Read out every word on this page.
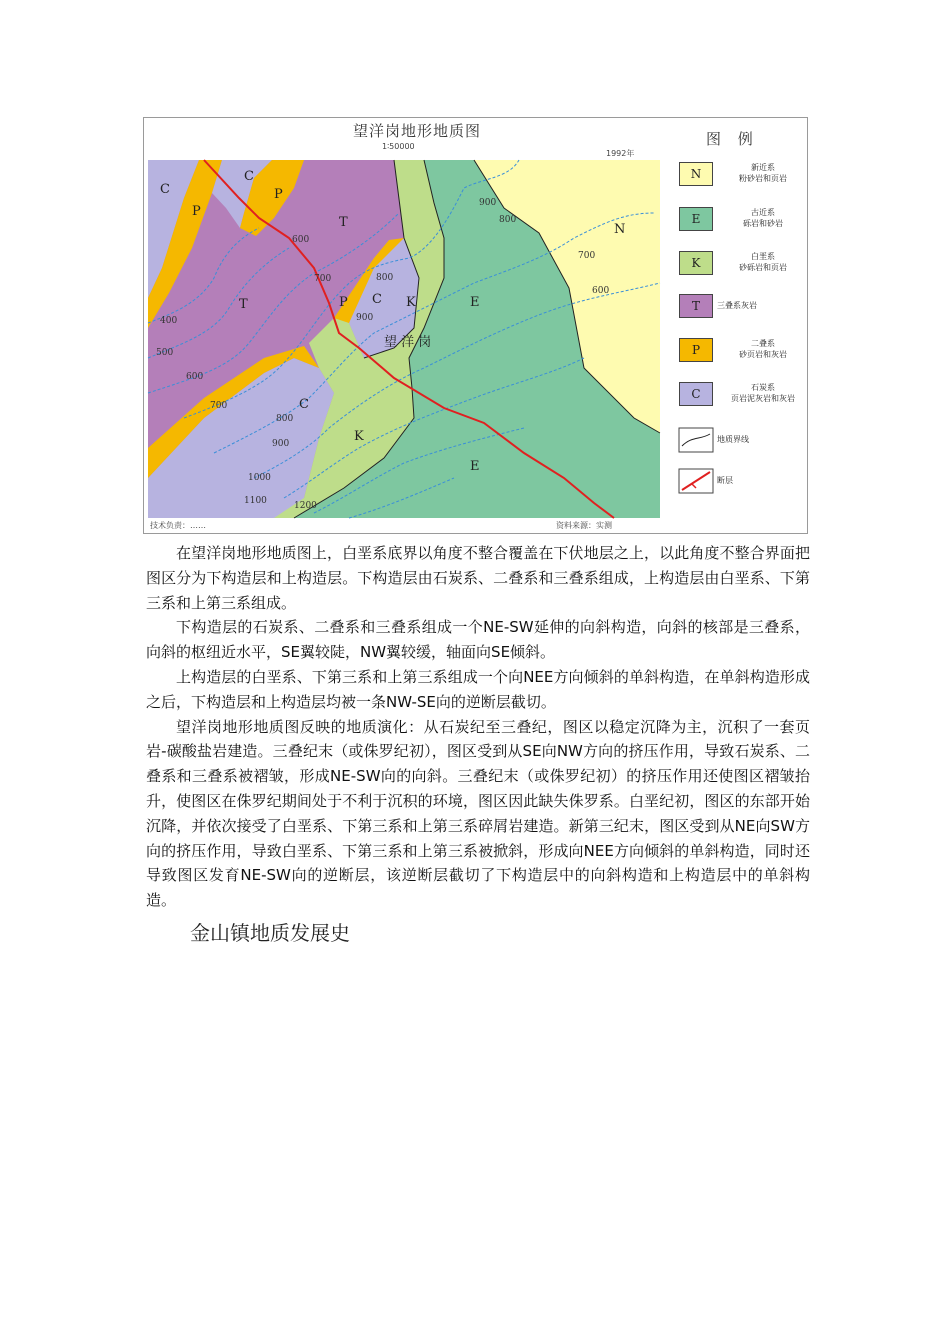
C
P
C
P
T
T
N
P C K	E
C
K
E
望 洋 岗
400
500
600
700
800
900
1000
1100	1200
600
700	800
900
900
800
700
600
望洋岗地形地质图
1∶50000
1992年
技术负责：……	资料来源：实测
图 例
N	新近系
粉砂岩和页岩
E	古近系
砾岩和砂岩
K	白垩系
砂砾岩和页岩
T	三叠系灰岩
P	二叠系
砂页岩和灰岩
C	石炭系
页岩泥灰岩和灰岩
地质界线
断层

在望洋岗地形地质图上，白垩系底界以角度不整合覆盖在下伏地层之上，以此角度不整合界面把图区分为下构造层和上构造层。下构造层由石炭系、二叠系和三叠系组成，上构造层由白垩系、下第三系和上第三系组成。

下构造层的石炭系、二叠系和三叠系组成一个NE-SW延伸的向斜构造，向斜的核部是三叠系，向斜的枢纽近水平，SE翼较陡，NW翼较缓，轴面向SE倾斜。

上构造层的白垩系、下第三系和上第三系组成一个向NEE方向倾斜的单斜构造，在单斜构造形成之后，下构造层和上构造层均被一条NW-SE向的逆断层截切。

望洋岗地形地质图反映的地质演化：从石炭纪至三叠纪，图区以稳定沉降为主，沉积了一套页岩-碳酸盐岩建造。三叠纪末（或侏罗纪初），图区受到从SE向NW方向的挤压作用，导致石炭系、二叠系和三叠系被褶皱，形成NE-SW向的向斜。三叠纪末（或侏罗纪初）的挤压作用还使图区褶皱抬升，使图区在侏罗纪期间处于不利于沉积的环境，图区因此缺失侏罗系。白垩纪初，图区的东部开始沉降，并依次接受了白垩系、下第三系和上第三系碎屑岩建造。新第三纪末，图区受到从NE向SW方向的挤压作用，导致白垩系、下第三系和上第三系被掀斜，形成向NEE方向倾斜的单斜构造，同时还导致图区发育NE-SW向的逆断层，该逆断层截切了下构造层中的向斜构造和上构造层中的单斜构造。

金山镇地质发展史
